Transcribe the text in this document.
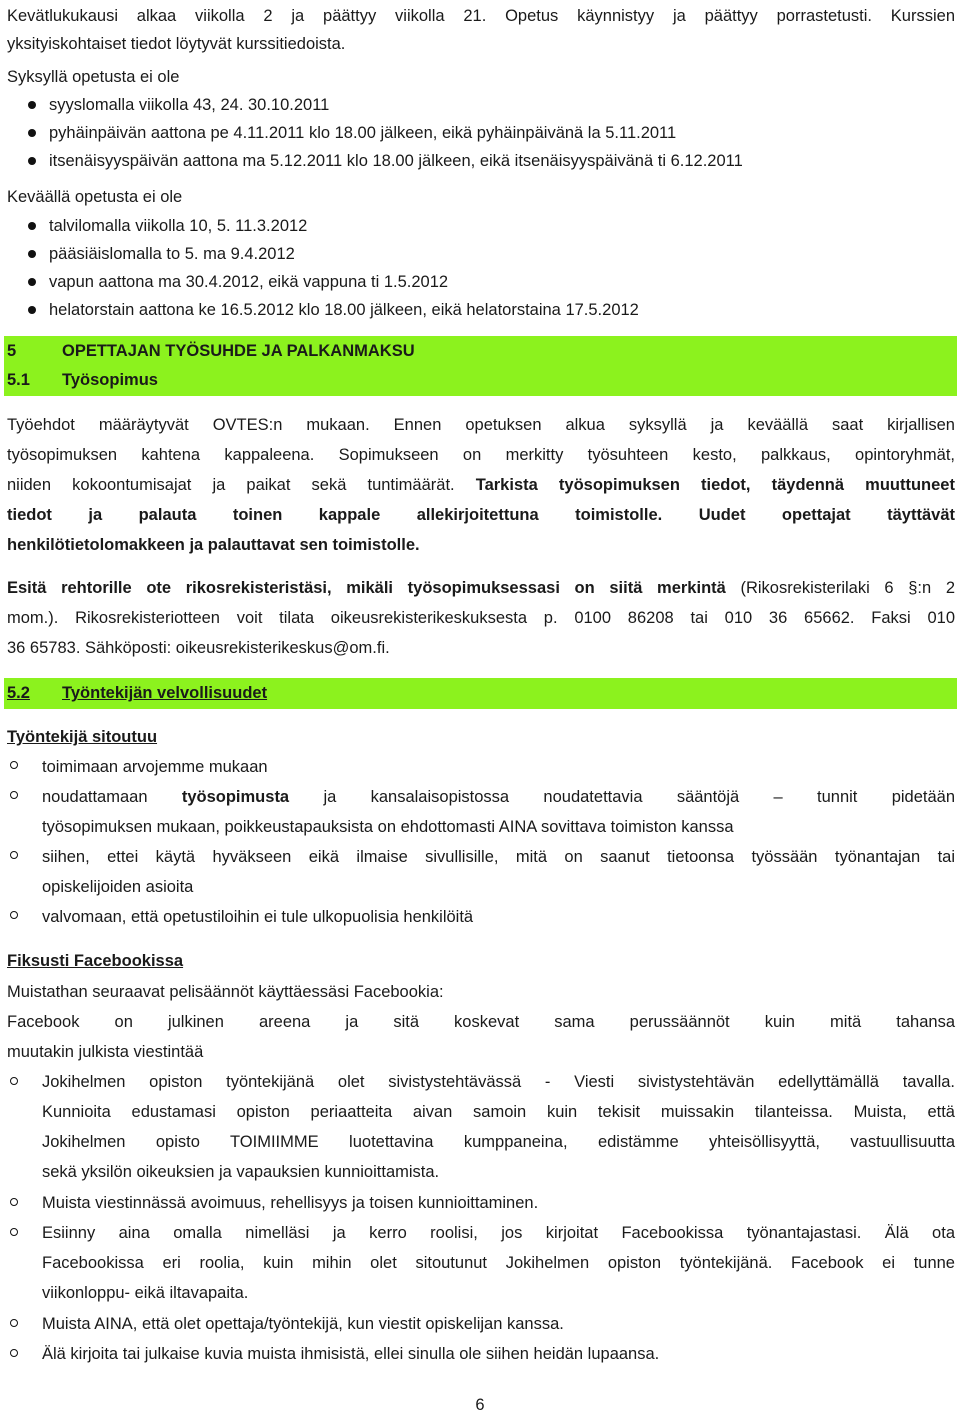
Kevätlukukausi alkaa viikolla 2 ja päättyy viikolla 21. Opetus käynnistyy ja päättyy porrastetusti. Kurssien
yksityiskohtaiset tiedot löytyvät kurssitiedoista.
Syksyllä opetusta ei ole
syyslomalla viikolla 43, 24. 30.10.2011
pyhäinpäivän aattona pe 4.11.2011 klo 18.00 jälkeen, eikä pyhäinpäivänä la 5.11.2011
itsenäisyyspäivän aattona ma 5.12.2011 klo 18.00 jälkeen, eikä itsenäisyyspäivänä ti 6.12.2011
Keväällä opetusta ei ole
talvilomalla viikolla 10, 5. 11.3.2012
pääsiäislomalla to 5. ma 9.4.2012
vapun aattona ma 30.4.2012, eikä vappuna ti 1.5.2012
helatorstain aattona ke 16.5.2012 klo 18.00 jälkeen, eikä helatorstaina 17.5.2012
5	OPETTAJAN TYÖSUHDE JA PALKANMAKSU
5.1 Työsopimus
Työehdot määräytyvät OVTES:n mukaan. Ennen opetuksen alkua syksyllä ja keväällä saat kirjallisen
työsopimuksen kahtena kappaleena. Sopimukseen on merkitty työsuhteen kesto, palkkaus, opintoryhmät,
niiden kokoontumisajat ja paikat sekä tuntimäärät. Tarkista työsopimuksen tiedot, täydennä muuttuneet
tiedot ja palauta toinen kappale allekirjoitettuna toimistolle. Uudet opettajat täyttävät
henkilötietolomakkeen ja palauttavat sen toimistolle.
Esitä rehtorille ote rikosrekisteristäsi, mikäli työsopimuksessasi on siitä merkintä (Rikosrekisterilaki 6 §:n 2
mom.). Rikosrekisteriotteen voit tilata oikeusrekisterikeskuksesta p. 0100 86208 tai 010 36 65662. Faksi 010
36 65783. Sähköposti: oikeusrekisterikeskus@om.fi.
5.2 Työntekijän velvollisuudet
Työntekijä sitoutuu
toimimaan arvojemme mukaan
noudattamaan työsopimusta ja kansalaisopistossa noudatettavia sääntöjä – tunnit pidetään
työsopimuksen mukaan, poikkeustapauksista on ehdottomasti AINA sovittava toimiston kanssa
siihen, ettei käytä hyväkseen eikä ilmaise sivullisille, mitä on saanut tietoonsa työssään työnantajan tai
opiskelijoiden asioita
valvomaan, että opetustiloihin ei tule ulkopuolisia henkilöitä
Fiksusti Facebookissa
Muistathan seuraavat pelisäännöt käyttäessäsi Facebookia:
Facebook on julkinen areena ja sitä koskevat sama perussäännöt kuin mitä tahansa
muutakin julkista viestintää
Jokihelmen opiston työntekijänä olet sivistystehtävässä - Viesti sivistystehtävän edellyttämällä tavalla.
Kunnioita edustamasi opiston periaatteita aivan samoin kuin tekisit muissakin tilanteissa. Muista, että
Jokihelmen opisto TOIMIIMME luotettavina kumppaneina, edistämme yhteisöllisyyttä, vastuullisuutta
sekä yksilön oikeuksien ja vapauksien kunnioittamista.
Muista viestinnässä avoimuus, rehellisyys ja toisen kunnioittaminen.
Esiinny aina omalla nimelläsi ja kerro roolisi, jos kirjoitat Facebookissa työnantajastasi. Älä ota
Facebookissa eri roolia, kuin mihin olet sitoutunut Jokihelmen opiston työntekijänä. Facebook ei tunne
viikonloppu- eikä iltavapaita.
Muista AINA, että olet opettaja/työntekijä, kun viestit opiskelijan kanssa.
Älä kirjoita tai julkaise kuvia muista ihmisistä, ellei sinulla ole siihen heidän lupaansa.
6
